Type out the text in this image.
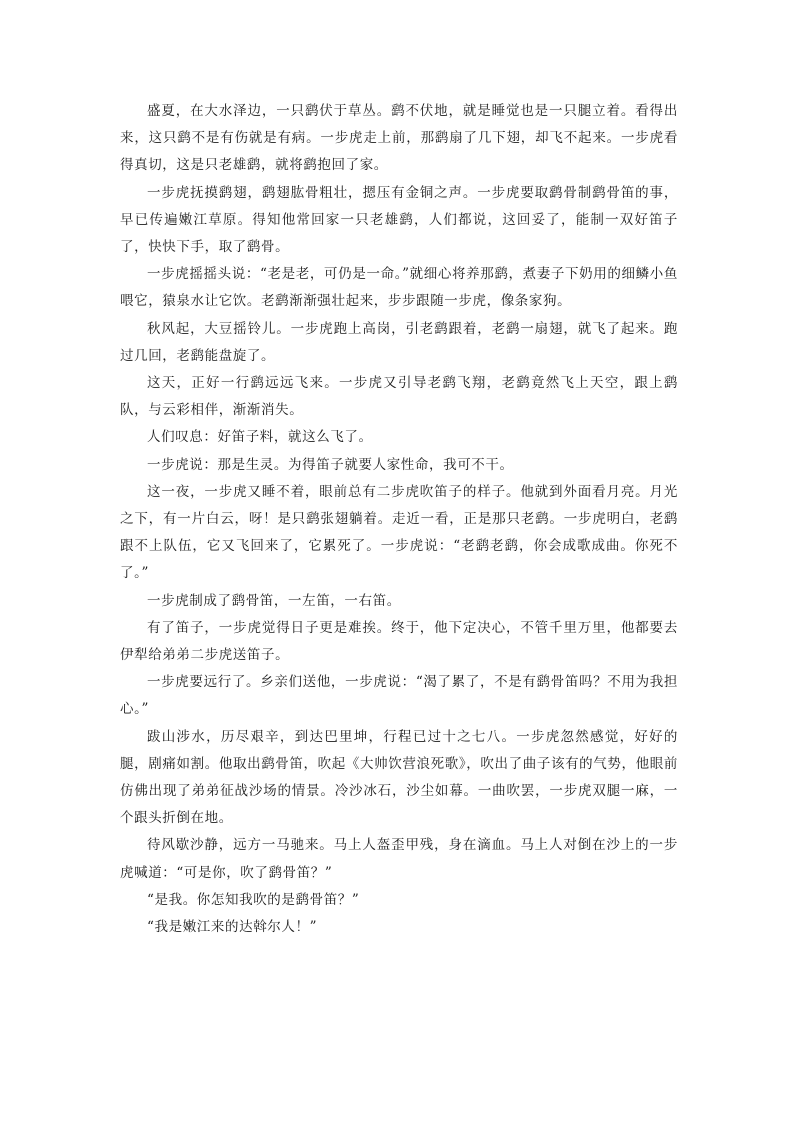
盛夏，在大水泽边，一只鹞伏于草丛。鹞不伏地，就是睡觉也是一只腿立着。看得出来，这只鹞不是有伤就是有病。一步虎走上前，那鹞扇了几下翅，却飞不起来。一步虎看得真切，这是只老雄鹞，就将鹞抱回了家。

一步虎抚摸鹞翅，鹞翅肱骨粗壮，摁压有金铜之声。一步虎要取鹞骨制鹞骨笛的事，早已传遍嫩江草原。得知他常回家一只老雄鹞，人们都说，这回妥了，能制一双好笛子了，快快下手，取了鹞骨。

一步虎摇摇头说：“老是老，可仍是一命。”就细心将养那鹞，煮妻子下奶用的细鳞小鱼喂它，猿泉水让它饮。老鹞渐渐强壮起来，步步跟随一步虎，像条家狗。

秋风起，大豆摇铃儿。一步虎跑上高岗，引老鹞跟着，老鹞一扇翅，就飞了起来。跑过几回，老鹞能盘旋了。

这天，正好一行鹞远远飞来。一步虎又引导老鹞飞翔，老鹞竟然飞上天空，跟上鹞队，与云彩相伴，渐渐消失。

人们叹息：好笛子料，就这么飞了。

一步虎说：那是生灵。为得笛子就要人家性命，我可不干。

这一夜，一步虎又睡不着，眼前总有二步虎吹笛子的样子。他就到外面看月亮。月光之下，有一片白云，呀！是只鹞张翅躺着。走近一看，正是那只老鹞。一步虎明白，老鹞跟不上队伍，它又飞回来了，它累死了。一步虎说：“老鹞老鹞，你会成歌成曲。你死不了。”

一步虎制成了鹞骨笛，一左笛，一右笛。

有了笛子，一步虎觉得日子更是难挨。终于，他下定决心，不管千里万里，他都要去伊犁给弟弟二步虎送笛子。

一步虎要远行了。乡亲们送他，一步虎说：“渴了累了，不是有鹞骨笛吗？不用为我担心。”

跋山涉水，历尽艰辛，到达巴里坤，行程已过十之七八。一步虎忽然感觉，好好的腿，剧痛如割。他取出鹞骨笛，吹起《大帅饮营浪死歌》，吹出了曲子该有的气势，他眼前仿佛出现了弟弟征战沙场的情景。冷沙冰石，沙尘如幕。一曲吹罢，一步虎双腿一麻，一个跟头折倒在地。

待风歇沙静，远方一马驰来。马上人盔歪甲残，身在滴血。马上人对倒在沙上的一步虎喊道：“可是你，吹了鹞骨笛？”

“是我。你怎知我吹的是鹞骨笛？”

“我是嫩江来的达斡尔人！”
